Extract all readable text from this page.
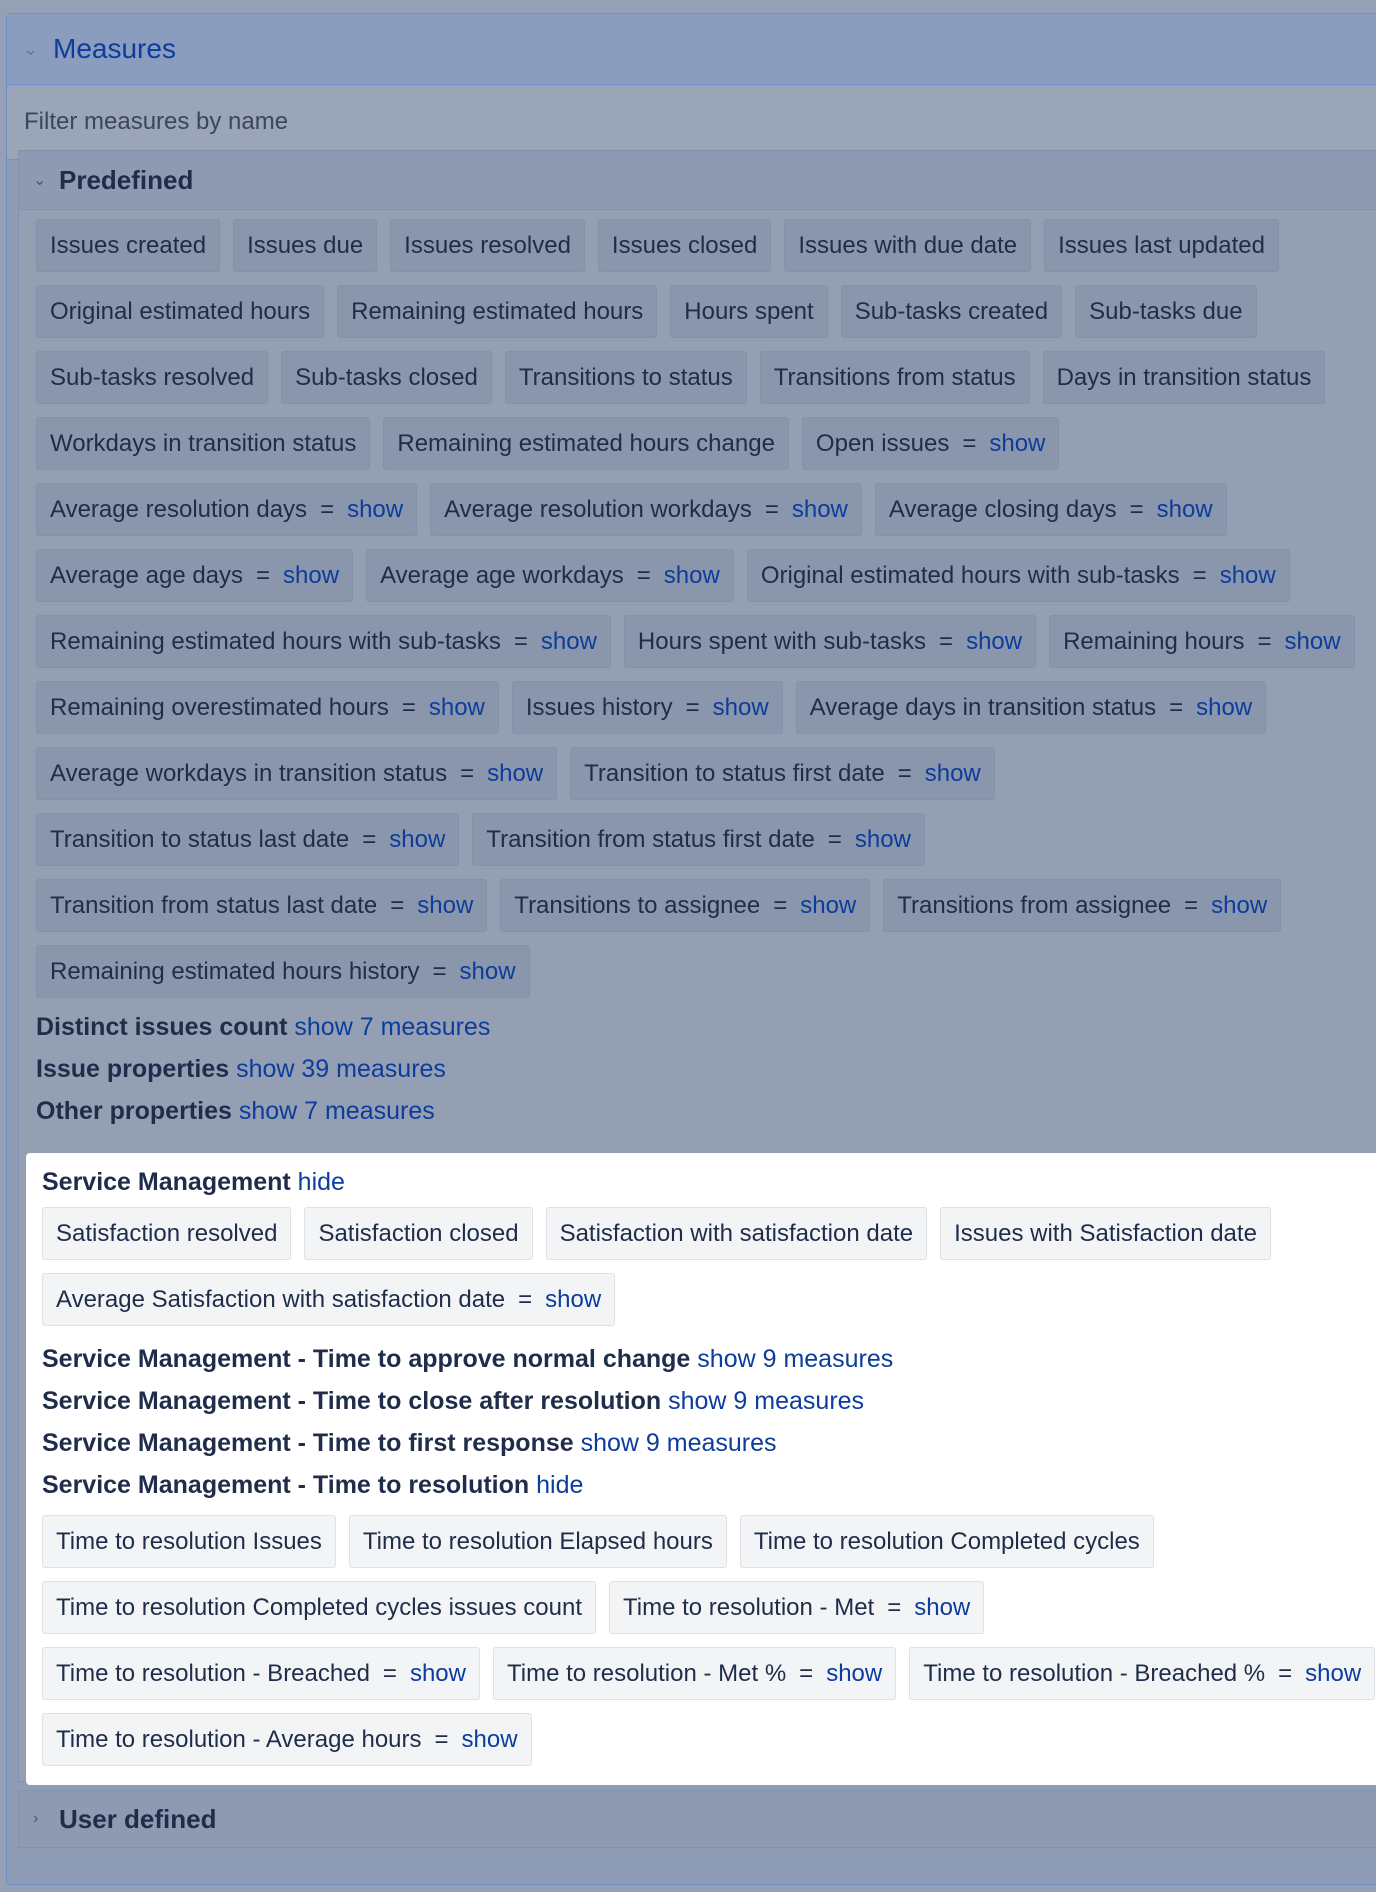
⌄ Measures
Filter measures by name
⌄ Predefined
Issues created Issues due Issues resolved Issues closed Issues with due date Issues last updated
Original estimated hours Remaining estimated hours Hours spent Sub-tasks created Sub-tasks due
Sub-tasks resolved Sub-tasks closed Transitions to status Transitions from status Days in transition status
Workdays in transition status Remaining estimated hours change Open issues = show
Average resolution days = show Average resolution workdays = show Average closing days = show
Average age days = show Average age workdays = show Original estimated hours with sub-tasks = show
Remaining estimated hours with sub-tasks = show Hours spent with sub-tasks = show Remaining hours = show
Remaining overestimated hours = show Issues history = show Average days in transition status = show
Average workdays in transition status = show Transition to status first date = show
Transition to status last date = show Transition from status first date = show
Transition from status last date = show Transitions to assignee = show Transitions from assignee = show
Remaining estimated hours history = show
Distinct issues count show 7 measures
Issue properties show 39 measures
Other properties show 7 measures
Service Management hide
Satisfaction resolved Satisfaction closed Satisfaction with satisfaction date Issues with Satisfaction date
Average Satisfaction with satisfaction date = show
Service Management - Time to approve normal change show 9 measures
Service Management - Time to close after resolution show 9 measures
Service Management - Time to first response show 9 measures
Service Management - Time to resolution hide
Time to resolution Issues Time to resolution Elapsed hours Time to resolution Completed cycles
Time to resolution Completed cycles issues count Time to resolution - Met = show
Time to resolution - Breached = show Time to resolution - Met % = show Time to resolution - Breached % = show
Time to resolution - Average hours = show
› User defined
